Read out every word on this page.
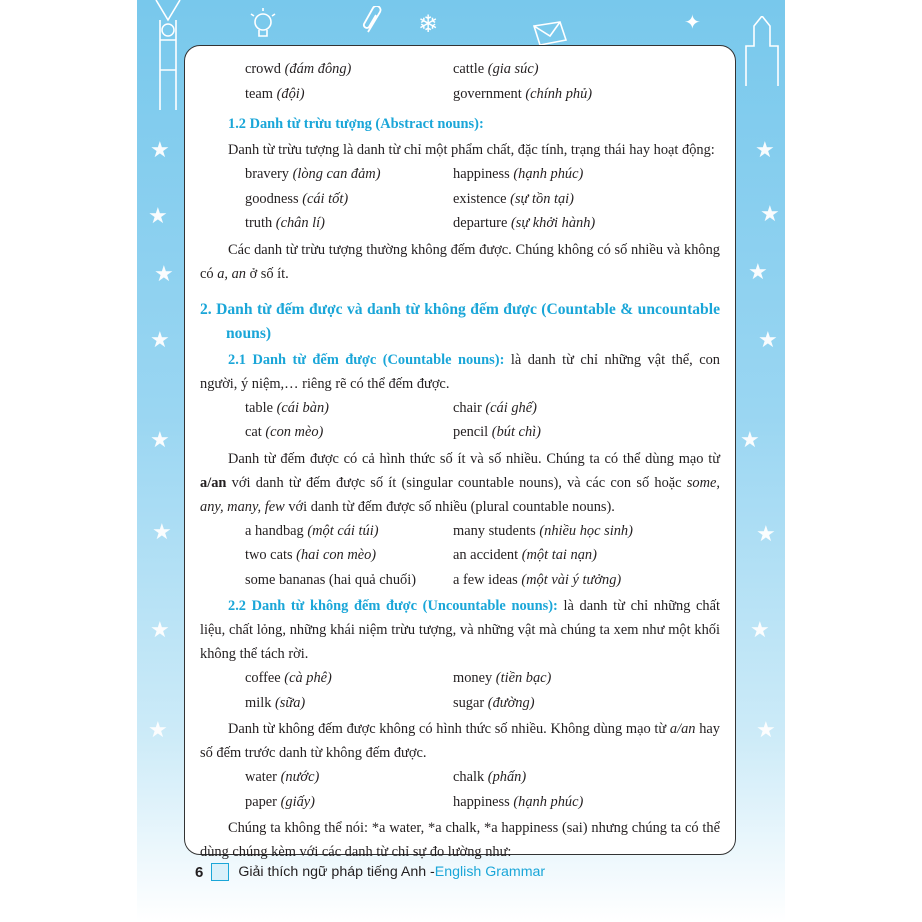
❄	✦
★	★
★	★
★	★
★	★
★	★
★	★
★	★
★	★
crowd (đám đông)	cattle (gia súc)
team (đội)	government (chính phủ)
1.2 Danh từ trừu tượng (Abstract nouns):
Danh từ trừu tượng là danh từ chỉ một phẩm chất, đặc tính, trạng thái hay hoạt động:
bravery (lòng can đảm)	happiness (hạnh phúc)
goodness (cái tốt)	existence (sự tồn tại)
truth (chân lí)	departure (sự khởi hành)
Các danh từ trừu tượng thường không đếm được. Chúng không có số nhiều và không có a, an ở số ít.
2. Danh từ đếm được và danh từ không đếm được (Countable & uncountable nouns)
2.1 Danh từ đếm được (Countable nouns): là danh từ chỉ những vật thể, con người, ý niệm,… riêng rẽ có thể đếm được.
table (cái bàn)	chair (cái ghế)
cat (con mèo)	pencil (bút chì)
Danh từ đếm được có cả hình thức số ít và số nhiều. Chúng ta có thể dùng mạo từ a/an với danh từ đếm được số ít (singular countable nouns), và các con số hoặc some, any, many, few với danh từ đếm được số nhiều (plural countable nouns).
a handbag (một cái túi)	many students (nhiều học sinh)
two cats (hai con mèo)	an accident (một tai nạn)
some bananas (hai quả chuối)	a few ideas (một vài ý tưởng)
2.2 Danh từ không đếm được (Uncountable nouns): là danh từ chỉ những chất liệu, chất lỏng, những khái niệm trừu tượng, và những vật mà chúng ta xem như một khối không thể tách rời.
coffee (cà phê)	money (tiền bạc)
milk (sữa)	sugar (đường)
Danh từ không đếm được không có hình thức số nhiều. Không dùng mạo từ a/an hay số đếm trước danh từ không đếm được.
water (nước)	chalk (phấn)
paper (giấy)	happiness (hạnh phúc)
Chúng ta không thể nói: *a water, *a chalk, *a happiness (sai) nhưng chúng ta có thể dùng chúng kèm với các danh từ chỉ sự đo lường như:
6 Giải thích ngữ pháp tiếng Anh - English Grammar
